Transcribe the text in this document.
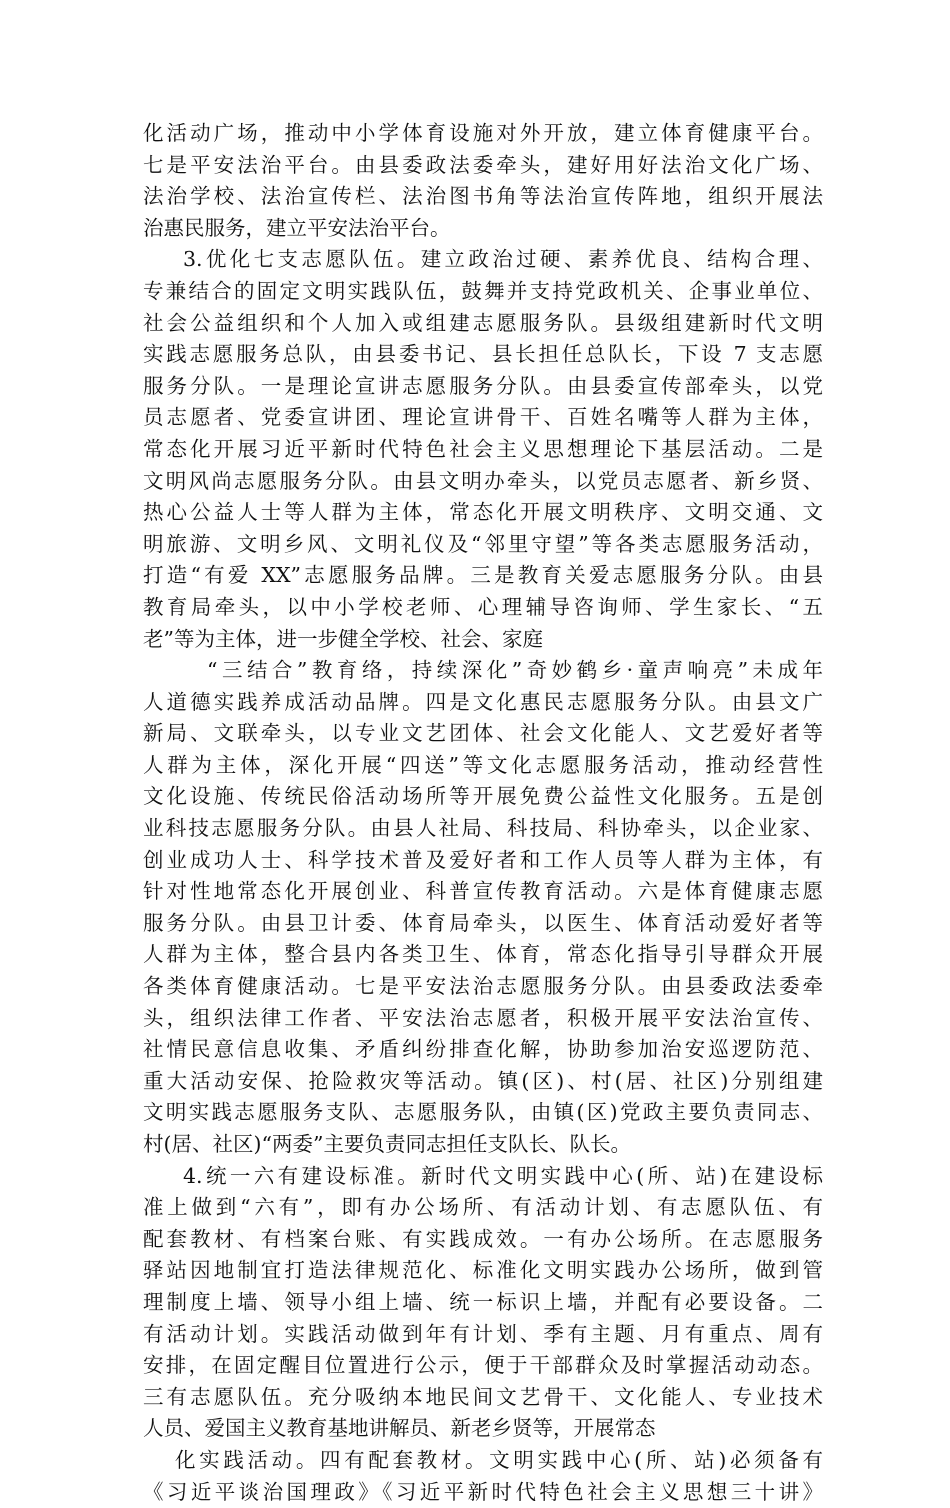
化活动广场，推动中小学体育设施对外开放，建立体育健康平台。
七是平安法治平台。由县委政法委牵头，建好用好法治文化广场、
法治学校、法治宣传栏、法治图书角等法治宣传阵地，组织开展法
治惠民服务，建立平安法治平台。
3.优化七支志愿队伍。建立政治过硬、素养优良、结构合理、
专兼结合的固定文明实践队伍，鼓舞并支持党政机关、企事业单位、
社会公益组织和个人加入或组建志愿服务队。县级组建新时代文明
实践志愿服务总队，由县委书记、县长担任总队长，下设 7 支志愿
服务分队。一是理论宣讲志愿服务分队。由县委宣传部牵头，以党
员志愿者、党委宣讲团、理论宣讲骨干、百姓名嘴等人群为主体，
常态化开展习近平新时代特色社会主义思想理论下基层活动。二是
文明风尚志愿服务分队。由县文明办牵头，以党员志愿者、新乡贤、
热心公益人士等人群为主体，常态化开展文明秩序、文明交通、文
明旅游、文明乡风、文明礼仪及“邻里守望”等各类志愿服务活动，
打造“有爱 XX”志愿服务品牌。三是教育关爱志愿服务分队。由县
教育局牵头，以中小学校老师、心理辅导咨询师、学生家长、“五
老”等为主体，进一步健全学校、社会、家庭
“三结合”教育络，持续深化”奇妙鹤乡·童声响亮”未成年
人道德实践养成活动品牌。四是文化惠民志愿服务分队。由县文广
新局、文联牵头，以专业文艺团体、社会文化能人、文艺爱好者等
人群为主体，深化开展“四送”等文化志愿服务活动，推动经营性
文化设施、传统民俗活动场所等开展免费公益性文化服务。五是创
业科技志愿服务分队。由县人社局、科技局、科协牵头，以企业家、
创业成功人士、科学技术普及爱好者和工作人员等人群为主体，有
针对性地常态化开展创业、科普宣传教育活动。六是体育健康志愿
服务分队。由县卫计委、体育局牵头，以医生、体育活动爱好者等
人群为主体，整合县内各类卫生、体育，常态化指导引导群众开展
各类体育健康活动。七是平安法治志愿服务分队。由县委政法委牵
头，组织法律工作者、平安法治志愿者，积极开展平安法治宣传、
社情民意信息收集、矛盾纠纷排查化解，协助参加治安巡逻防范、
重大活动安保、抢险救灾等活动。镇(区)、村(居、社区)分别组建
文明实践志愿服务支队、志愿服务队，由镇(区)党政主要负责同志、
村(居、社区)“两委”主要负责同志担任支队长、队长。
4.统一六有建设标准。新时代文明实践中心(所、站)在建设标
准上做到“六有”，即有办公场所、有活动计划、有志愿队伍、有
配套教材、有档案台账、有实践成效。一有办公场所。在志愿服务
驿站因地制宜打造法律规范化、标准化文明实践办公场所，做到管
理制度上墙、领导小组上墙、统一标识上墙，并配有必要设备。二
有活动计划。实践活动做到年有计划、季有主题、月有重点、周有
安排，在固定醒目位置进行公示，便于干部群众及时掌握活动动态。
三有志愿队伍。充分吸纳本地民间文艺骨干、文化能人、专业技术
人员、爱国主义教育基地讲解员、新老乡贤等，开展常态
化实践活动。四有配套教材。文明实践中心(所、站)必须备有
《习近平谈治国理政》《习近平新时代特色社会主义思想三十讲》
